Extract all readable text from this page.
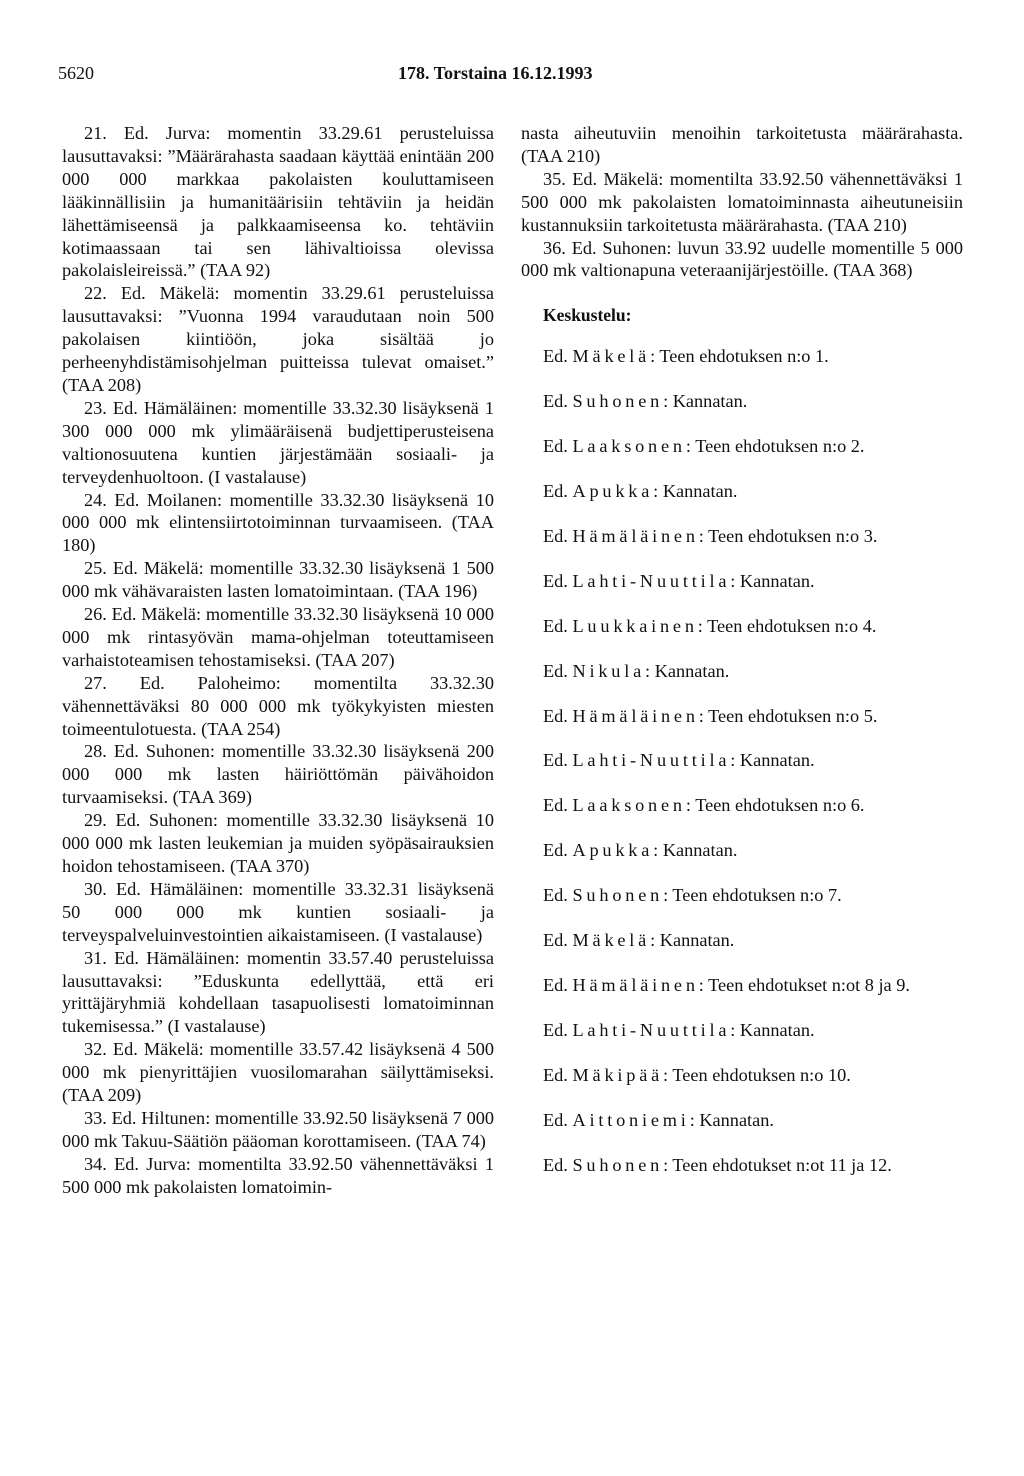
5620	178. Torstaina 16.12.1993

21. Ed. Jurva: momentin 33.29.61 perusteluissa lausuttavaksi: ”Määrärahasta saadaan käyttää enintään 200 000 000 markkaa pakolaisten kouluttamiseen lääkinnällisiin ja humanitäärisiin tehtäviin ja heidän lähettämiseensä ja palkkaamiseensa ko. tehtäviin kotimaassaan tai sen lähivaltioissa olevissa pakolaisleireissä.” (TAA 92)

22. Ed. Mäkelä: momentin 33.29.61 perusteluissa lausuttavaksi: ”Vuonna 1994 varaudutaan noin 500 pakolaisen kiintiöön, joka sisältää jo perheenyhdistämisohjelman puitteissa tulevat omaiset.” (TAA 208)

23. Ed. Hämäläinen: momentille 33.32.30 lisäyksenä 1 300 000 000 mk ylimääräisenä budjettiperusteisena valtionosuutena kuntien järjestämään sosiaali- ja terveydenhuoltoon. (I vastalause)

24. Ed. Moilanen: momentille 33.32.30 lisäyksenä 10 000 000 mk elintensiirtotoiminnan turvaamiseen. (TAA 180)

25. Ed. Mäkelä: momentille 33.32.30 lisäyksenä 1 500 000 mk vähävaraisten lasten lomatoimintaan. (TAA 196)

26. Ed. Mäkelä: momentille 33.32.30 lisäyksenä 10 000 000 mk rintasyövän mama-ohjelman toteuttamiseen varhaistoteamisen tehostamiseksi. (TAA 207)

27. Ed. Paloheimo: momentilta 33.32.30 vähennettäväksi 80 000 000 mk työkykyisten miesten toimeentulotuesta. (TAA 254)

28. Ed. Suhonen: momentille 33.32.30 lisäyksenä 200 000 000 mk lasten häiriöttömän päivähoidon turvaamiseksi. (TAA 369)

29. Ed. Suhonen: momentille 33.32.30 lisäyksenä 10 000 000 mk lasten leukemian ja muiden syöpäsairauksien hoidon tehostamiseen. (TAA 370)

30. Ed. Hämäläinen: momentille 33.32.31 lisäyksenä 50 000 000 mk kuntien sosiaali- ja terveyspalveluinvestointien aikaistamiseen. (I vastalause)

31. Ed. Hämäläinen: momentin 33.57.40 perusteluissa lausuttavaksi: ”Eduskunta edellyttää, että eri yrittäjäryhmiä kohdellaan tasapuolisesti lomatoiminnan tukemisessa.” (I vastalause)

32. Ed. Mäkelä: momentille 33.57.42 lisäyksenä 4 500 000 mk pienyrittäjien vuosilomarahan säilyttämiseksi. (TAA 209)

33. Ed. Hiltunen: momentille 33.92.50 lisäyksenä 7 000 000 mk Takuu-Säätiön pääoman korottamiseen. (TAA 74)

34. Ed. Jurva: momentilta 33.92.50 vähennettäväksi 1 500 000 mk pakolaisten lomatoimin-

nasta aiheutuviin menoihin tarkoitetusta määrärahasta. (TAA 210)

35. Ed. Mäkelä: momentilta 33.92.50 vähennettäväksi 1 500 000 mk pakolaisten lomatoiminnasta aiheutuneisiin kustannuksiin tarkoitetusta määrärahasta. (TAA 210)

36. Ed. Suhonen: luvun 33.92 uudelle momentille 5 000 000 mk valtionapuna veteraanijärjestöille. (TAA 368)

Keskustelu:

Ed. Mäkelä: Teen ehdotuksen n:o 1.

Ed. Suhonen: Kannatan.

Ed. Laaksonen: Teen ehdotuksen n:o 2.

Ed. Apukka: Kannatan.

Ed. Hämäläinen: Teen ehdotuksen n:o 3.

Ed. Lahti-Nuuttila: Kannatan.

Ed. Luukkainen: Teen ehdotuksen n:o 4.

Ed. Nikula: Kannatan.

Ed. Hämäläinen: Teen ehdotuksen n:o 5.

Ed. Lahti-Nuuttila: Kannatan.

Ed. Laaksonen: Teen ehdotuksen n:o 6.

Ed. Apukka: Kannatan.

Ed. Suhonen: Teen ehdotuksen n:o 7.

Ed. Mäkelä: Kannatan.

Ed. Hämäläinen: Teen ehdotukset n:ot 8 ja 9.

Ed. Lahti-Nuuttila: Kannatan.

Ed. Mäkipää: Teen ehdotuksen n:o 10.

Ed. Aittoniemi: Kannatan.

Ed. Suhonen: Teen ehdotukset n:ot 11 ja 12.
